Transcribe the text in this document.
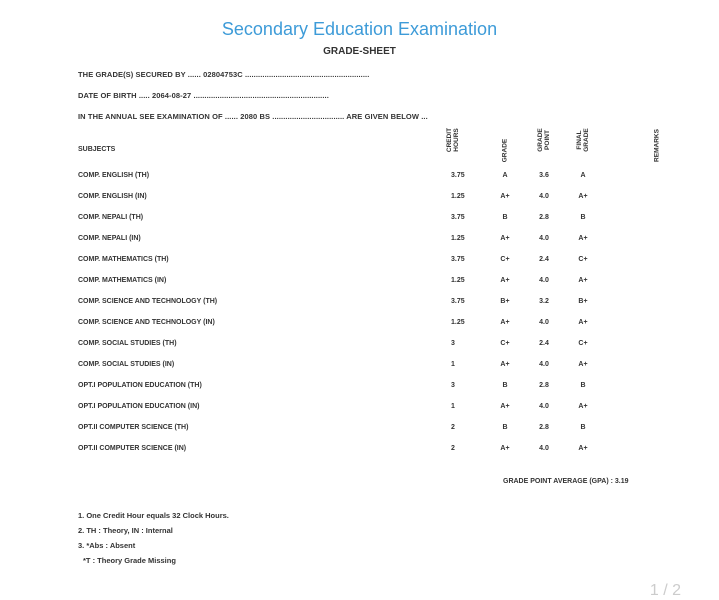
Secondary Education Examination
GRADE-SHEET
THE GRADE(S) SECURED BY ...... 02804753C .........................................................
DATE OF BIRTH ..... 2064-08-27 ..............................................................
IN THE ANNUAL SEE EXAMINATION OF ...... 2080 BS ................................. ARE GIVEN BELOW ...
SUBJECTS	CREDIT HOURS	GRADE	GRADE POINT	FINAL GRADE	REMARKS
COMP. ENGLISH (TH)	3.75	A	3.6	A
COMP. ENGLISH (IN)	1.25	A+	4.0	A+
COMP. NEPALI (TH)	3.75	B	2.8	B
COMP. NEPALI (IN)	1.25	A+	4.0	A+
COMP. MATHEMATICS (TH)	3.75	C+	2.4	C+
COMP. MATHEMATICS (IN)	1.25	A+	4.0	A+
COMP. SCIENCE AND TECHNOLOGY (TH)	3.75	B+	3.2	B+
COMP. SCIENCE AND TECHNOLOGY (IN)	1.25	A+	4.0	A+
COMP. SOCIAL STUDIES (TH)	3	C+	2.4	C+
COMP. SOCIAL STUDIES (IN)	1	A+	4.0	A+
OPT.I POPULATION EDUCATION (TH)	3	B	2.8	B
OPT.I POPULATION EDUCATION (IN)	1	A+	4.0	A+
OPT.II COMPUTER SCIENCE (TH)	2	B	2.8	B
OPT.II COMPUTER SCIENCE (IN)	2	A+	4.0	A+
GRADE POINT AVERAGE (GPA) : 3.19
1. One Credit Hour equals 32 Clock Hours.
2. TH : Theory, IN : Internal
3. *Abs : Absent
*T : Theory Grade Missing
1 / 2
